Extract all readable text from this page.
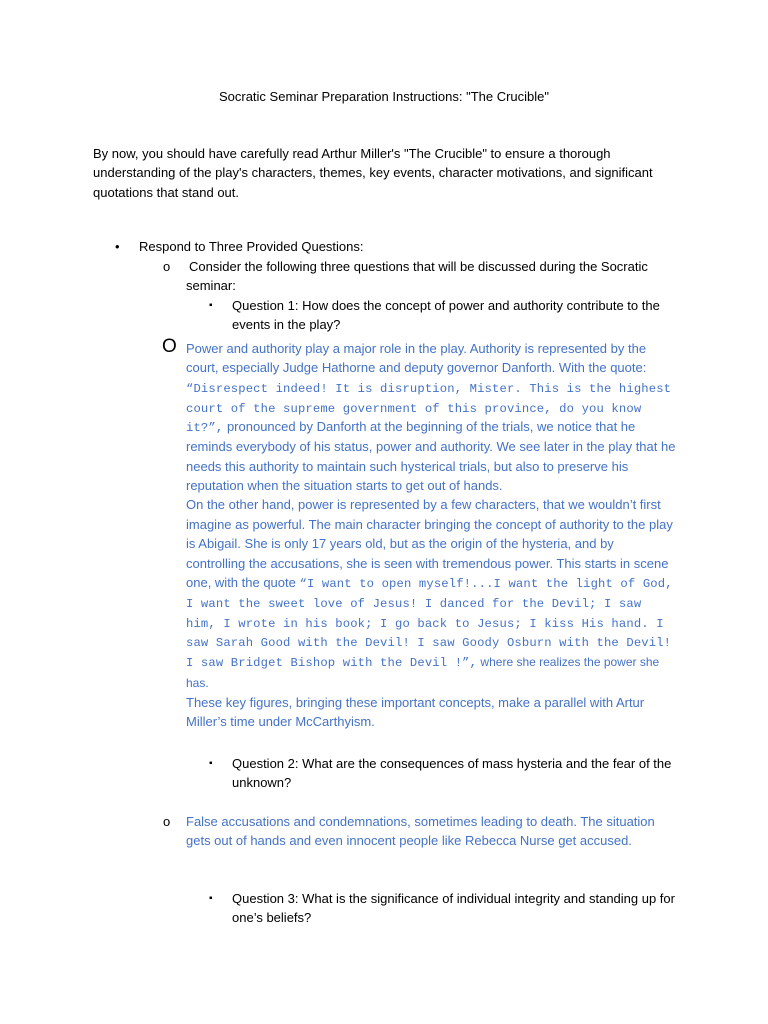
Socratic Seminar Preparation Instructions: "The Crucible"
By now, you should have carefully read Arthur Miller's "The Crucible" to ensure a thorough understanding of the play's characters, themes, key events, character motivations, and significant quotations that stand out.
• Respond to Three Provided Questions:
o Consider the following three questions that will be discussed during the Socratic seminar:
▪ Question 1: How does the concept of power and authority contribute to the events in the play?
O Power and authority play a major role in the play. Authority is represented by the court, especially Judge Hathorne and deputy governor Danforth. With the quote: “Disrespect indeed! It is disruption, Mister. This is the highest court of the supreme government of this province, do you know it?”, pronounced by Danforth at the beginning of the trials, we notice that he reminds everybody of his status, power and authority. We see later in the play that he needs this authority to maintain such hysterical trials, but also to preserve his reputation when the situation starts to get out of hands.
On the other hand, power is represented by a few characters, that we wouldn’t first imagine as powerful. The main character bringing the concept of authority to the play is Abigail. She is only 17 years old, but as the origin of the hysteria, and by controlling the accusations, she is seen with tremendous power. This starts in scene one, with the quote “I want to open myself!...I want the light of God, I want the sweet love of Jesus! I danced for the Devil; I saw him, I wrote in his book; I go back to Jesus; I kiss His hand. I saw Sarah Good with the Devil! I saw Goody Osburn with the Devil! I saw Bridget Bishop with the Devil !”, where she realizes the power she has.
These key figures, bringing these important concepts, make a parallel with Artur Miller’s time under McCarthyism.
▪ Question 2: What are the consequences of mass hysteria and the fear of the unknown?
o False accusations and condemnations, sometimes leading to death. The situation gets out of hands and even innocent people like Rebecca Nurse get accused.
▪ Question 3: What is the significance of individual integrity and standing up for one’s beliefs?
